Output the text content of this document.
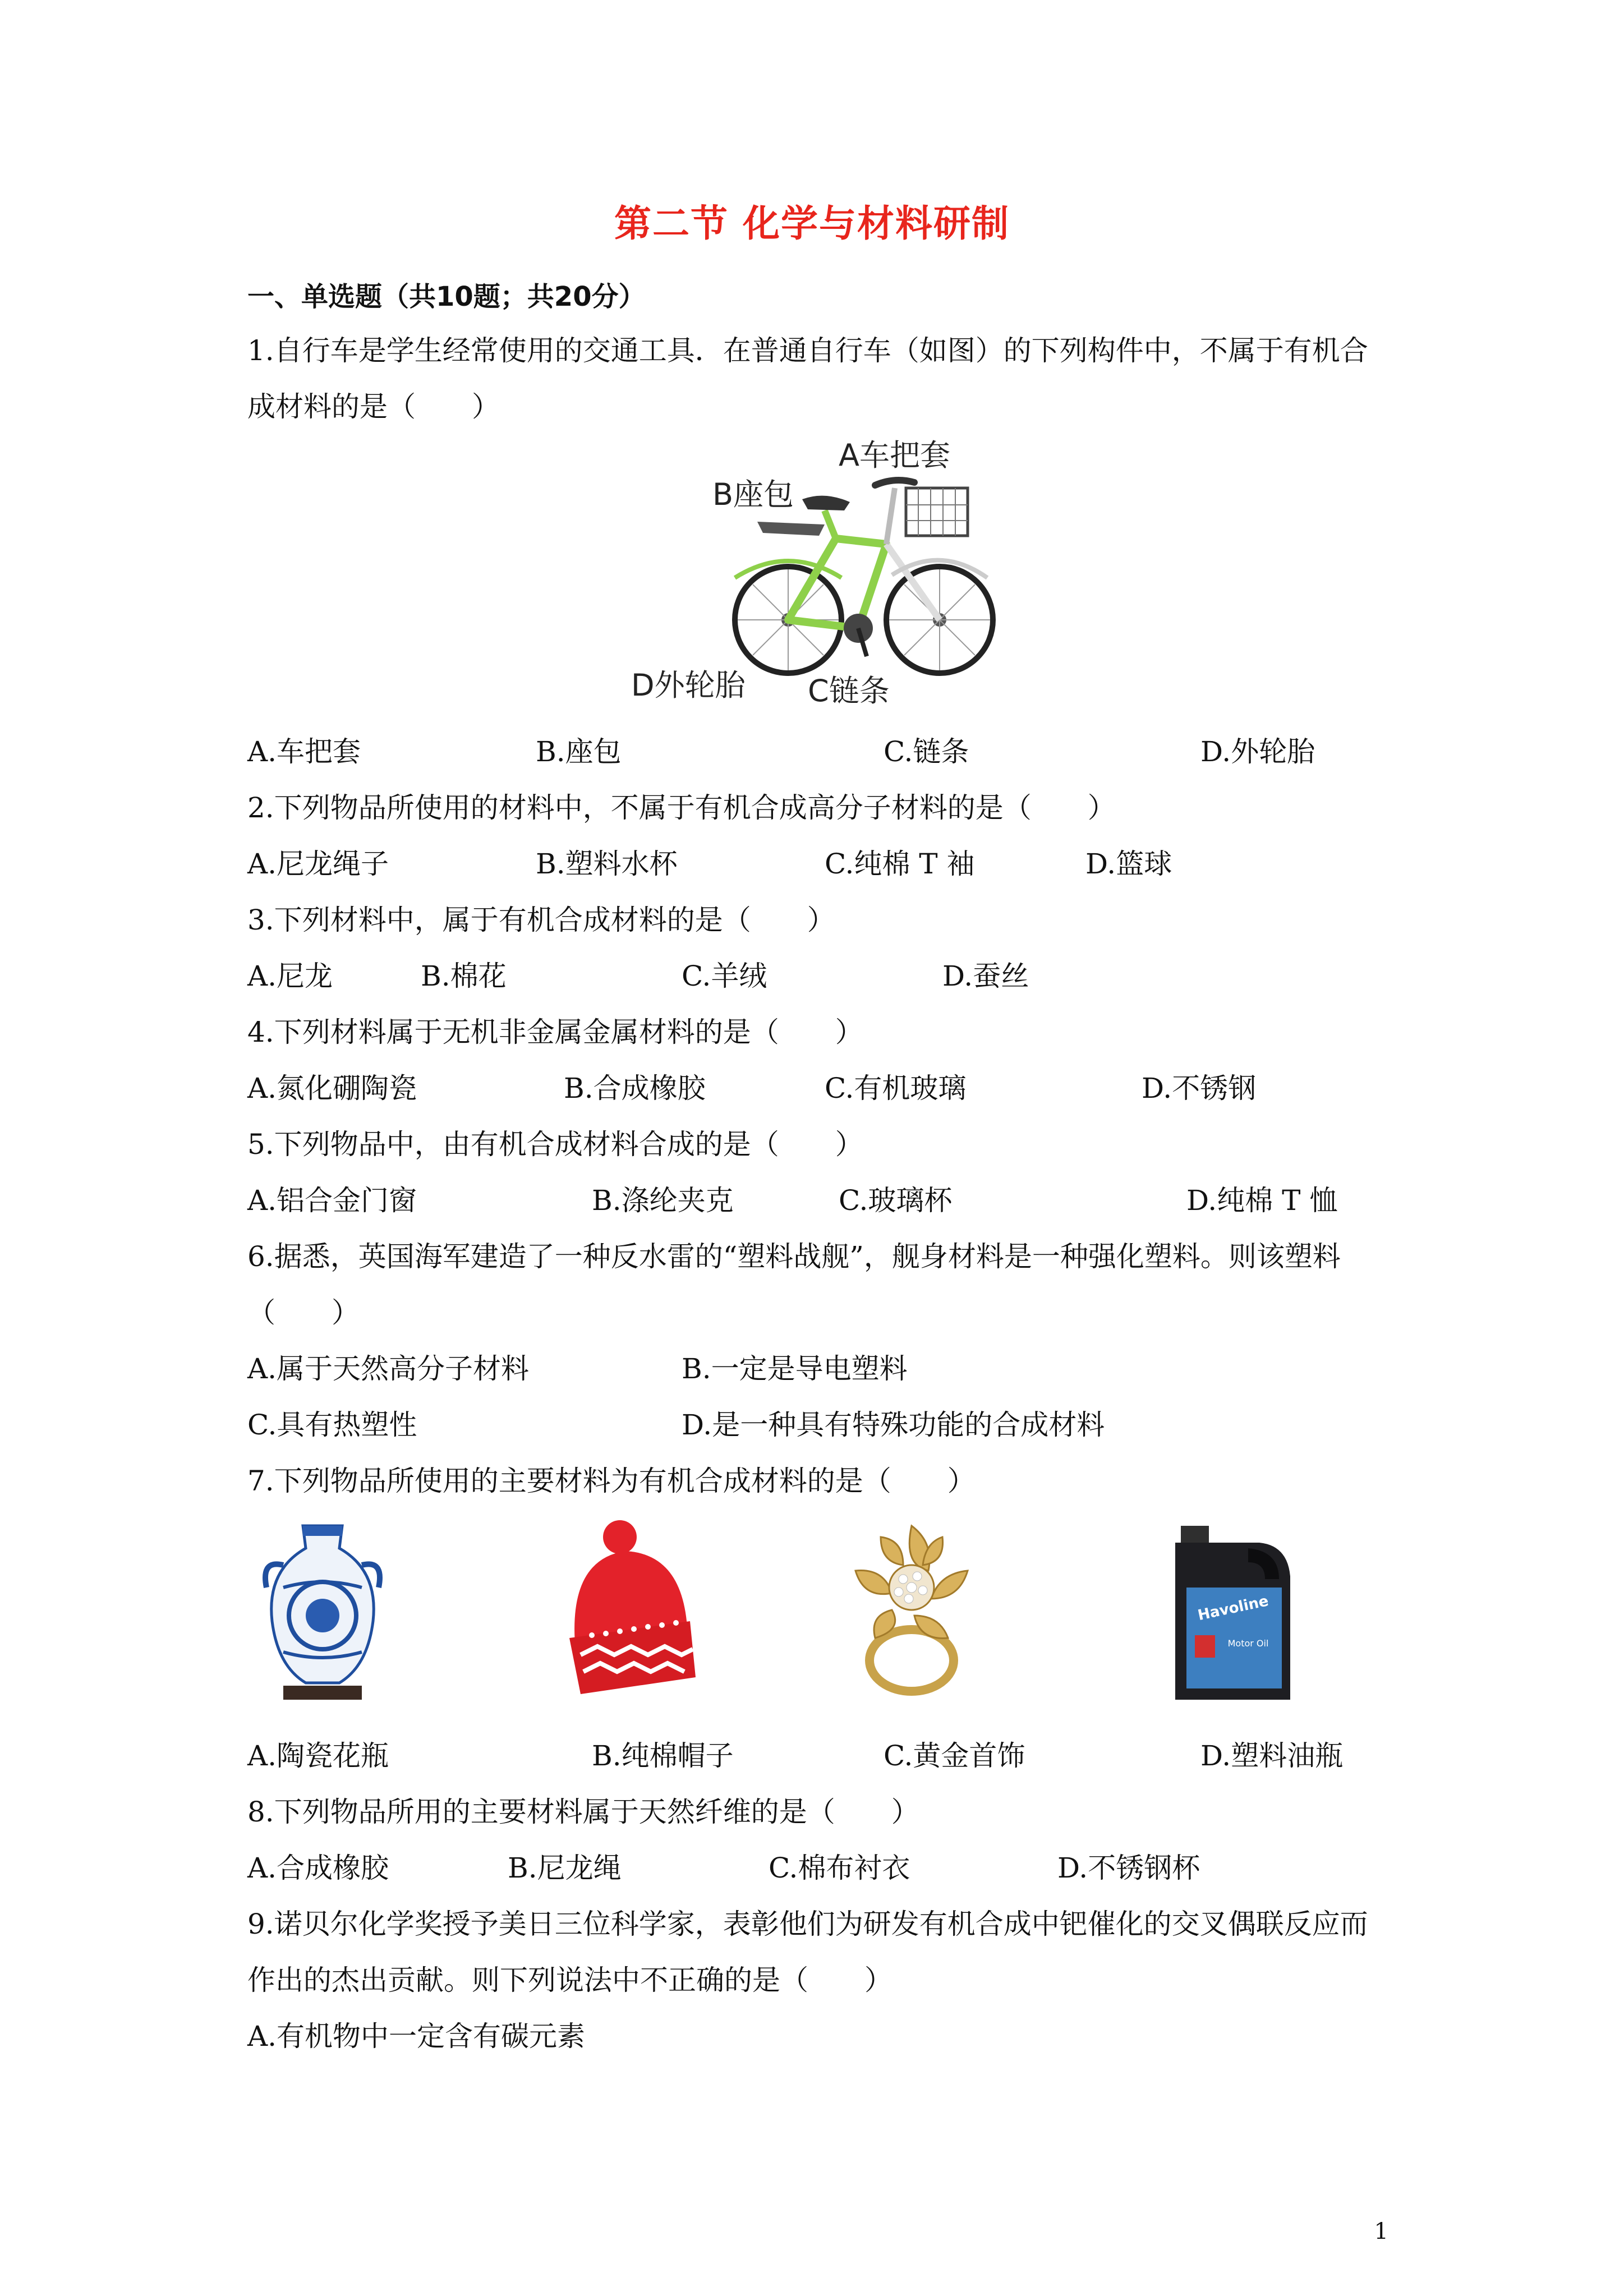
第二节 化学与材料研制
一、单选题（共10题；共20分）
1.自行车是学生经常使用的交通工具．在普通自行车（如图）的下列构件中，不属于有机合
成材料的是（　　）
A车把套
B座包
D外轮胎 C链条
A.车把套	B.座包	C.链条	D.外轮胎
2.下列物品所使用的材料中，不属于有机合成高分子材料的是（　　）
A.尼龙绳子	B.塑料水杯	C.纯棉 T 袖	D.篮球
3.下列材料中，属于有机合成材料的是（　　）
A.尼龙	B.棉花	C.羊绒	D.蚕丝
4.下列材料属于无机非金属金属材料的是（　　）
A.氮化硼陶瓷	B.合成橡胶	C.有机玻璃	D.不锈钢
5.下列物品中，由有机合成材料合成的是（　　）
A.铝合金门窗	B.涤纶夹克	C.玻璃杯	D.纯棉 T 恤
6.据悉，英国海军建造了一种反水雷的“塑料战舰”，舰身材料是一种强化塑料。则该塑料
（　　）
A.属于天然高分子材料	B.一定是导电塑料
C.具有热塑性	D.是一种具有特殊功能的合成材料
7.下列物品所使用的主要材料为有机合成材料的是（　　）
Havoline
Motor Oil
A.陶瓷花瓶	B.纯棉帽子	C.黄金首饰	D.塑料油瓶
8.下列物品所用的主要材料属于天然纤维的是（　　）
A.合成橡胶	B.尼龙绳	C.棉布衬衣	D.不锈钢杯
9.诺贝尔化学奖授予美日三位科学家，表彰他们为研发有机合成中钯催化的交叉偶联反应而
作出的杰出贡献。则下列说法中不正确的是（　　）
A.有机物中一定含有碳元素
1
